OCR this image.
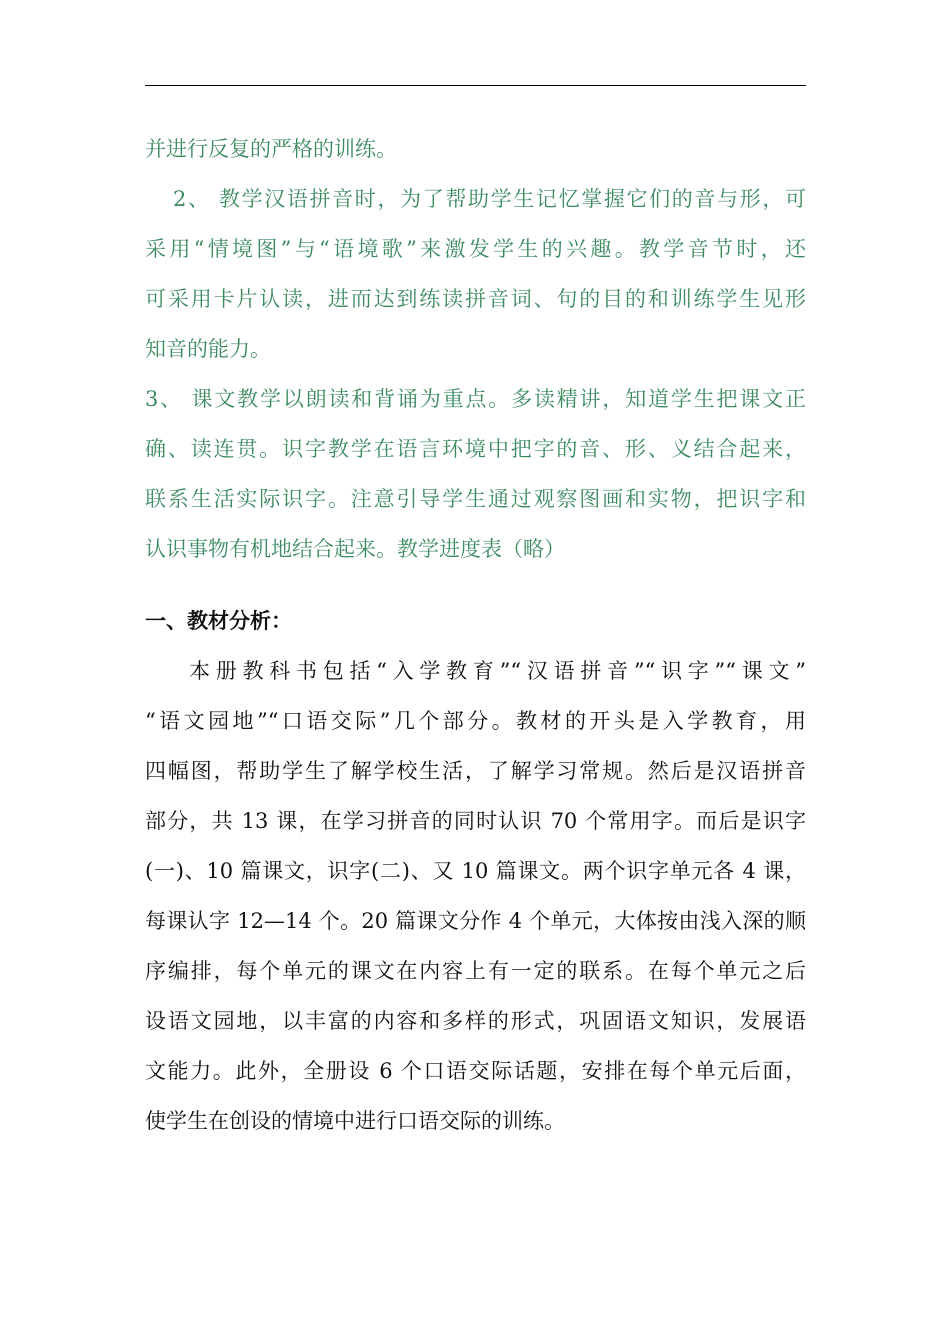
并进行反复的严格的训练。
2、 教学汉语拼音时，为了帮助学生记忆掌握它们的音与形，可
采用“情境图”与“语境歌”来激发学生的兴趣。教学音节时，还
可采用卡片认读，进而达到练读拼音词、句的目的和训练学生见形
知音的能力。
3、 课文教学以朗读和背诵为重点。多读精讲，知道学生把课文正
确、读连贯。识字教学在语言环境中把字的音、形、义结合起来，
联系生活实际识字。注意引导学生通过观察图画和实物，把识字和
认识事物有机地结合起来。教学进度表（略）
一、教材分析：
本册教科书包括“入学教育”“汉语拼音”“识字”“课文”
“语文园地”“口语交际”几个部分。教材的开头是入学教育，用
四幅图，帮助学生了解学校生活，了解学习常规。然后是汉语拼音
部分，共 13 课，在学习拼音的同时认识 70 个常用字。而后是识字
(一)、10 篇课文，识字(二)、又 10 篇课文。两个识字单元各 4 课，
每课认字 12—14 个。20 篇课文分作 4 个单元，大体按由浅入深的顺
序编排，每个单元的课文在内容上有一定的联系。在每个单元之后
设语文园地，以丰富的内容和多样的形式，巩固语文知识，发展语
文能力。此外，全册设 6 个口语交际话题，安排在每个单元后面，
使学生在创设的情境中进行口语交际的训练。
